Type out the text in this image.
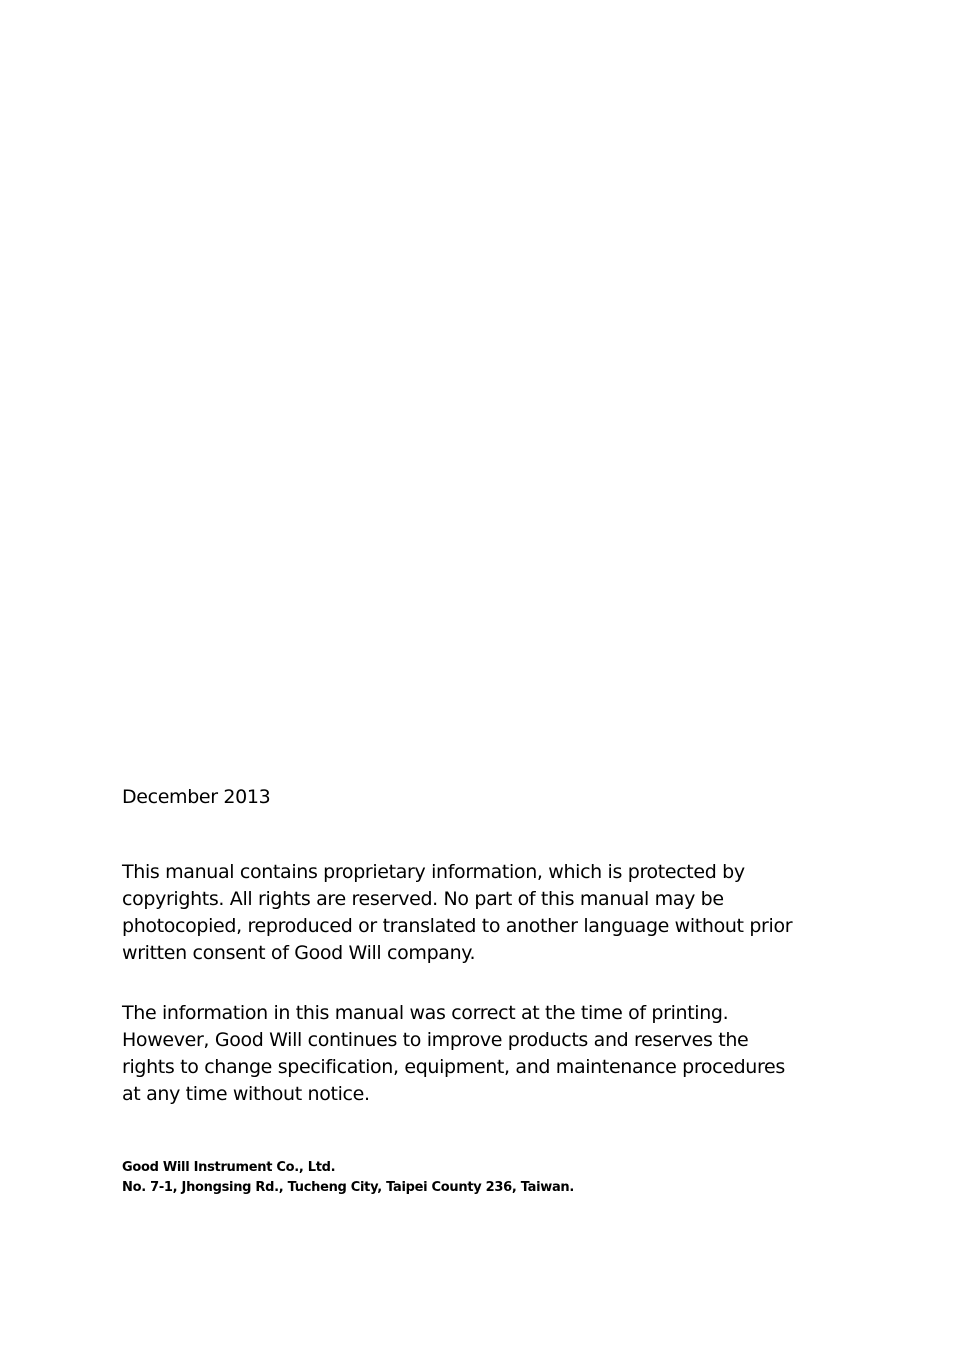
December 2013

This manual contains proprietary information, which is protected by copyrights. All rights are reserved. No part of this manual may be photocopied, reproduced or translated to another language without prior written consent of Good Will company.

The information in this manual was correct at the time of printing. However, Good Will continues to improve products and reserves the rights to change specification, equipment, and maintenance procedures at any time without notice.

Good Will Instrument Co., Ltd.
No. 7-1, Jhongsing Rd., Tucheng City, Taipei County 236, Taiwan.
